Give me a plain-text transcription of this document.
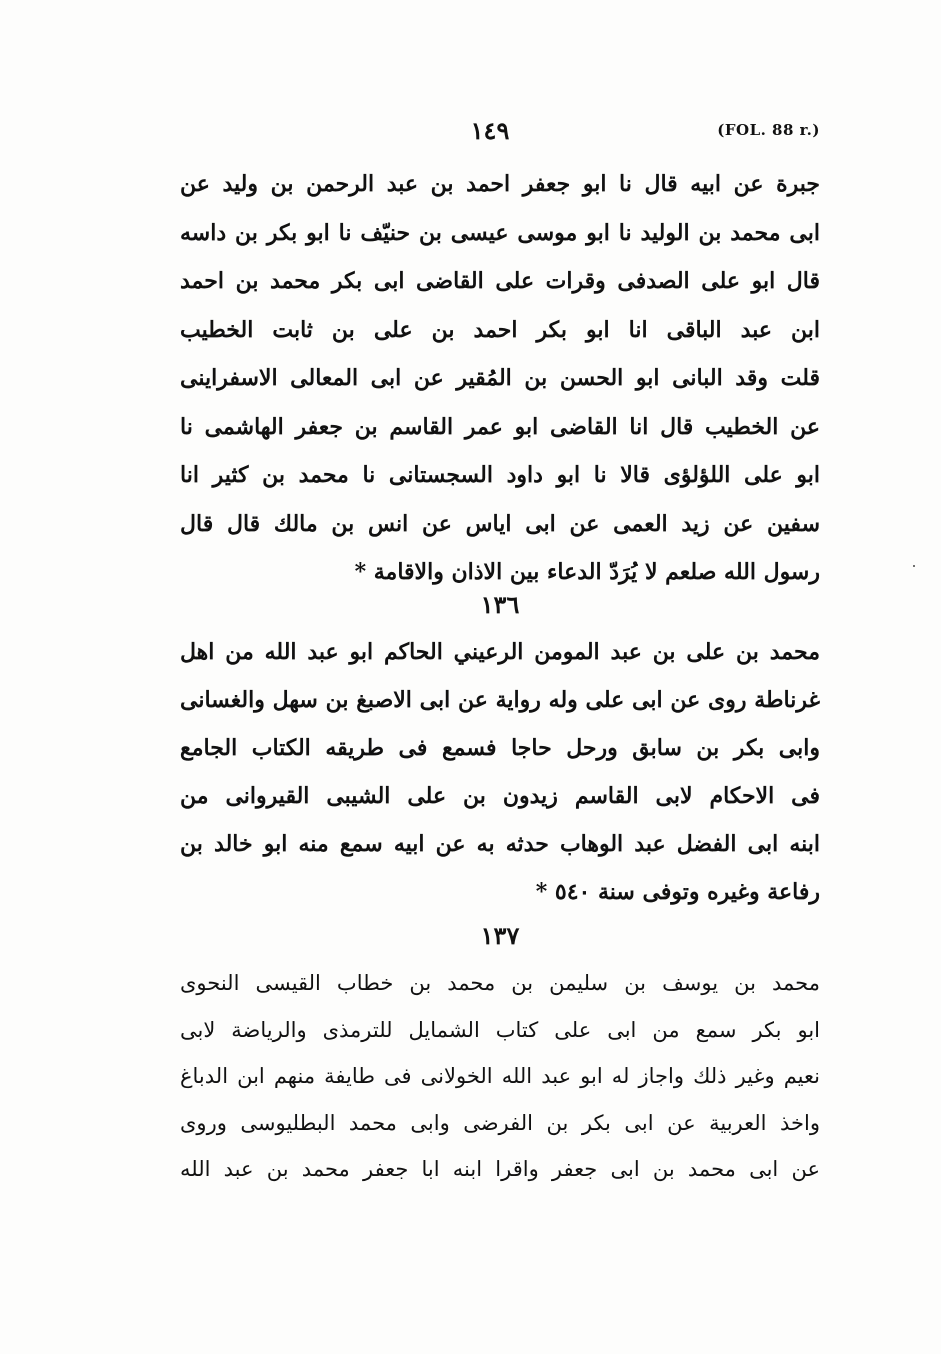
١٤٩	(FOL. 88 r.)
جبرة عن ابيه قال نا ابو جعفر احمد بن عبد الرحمن بن وليد عن
ابى محمد بن الوليد نا ابو موسى عيسى بن حنيّف نا ابو بكر بن داسه
قال ابو على الصدفى وقرات على القاضى ابى بكر محمد بن احمد
ابن عبد الباقى انا ابو بكر احمد بن على بن ثابت الخطيب
قلت وقد البانى ابو الحسن بن المُقير عن ابى المعالى الاسفراينى
عن الخطيب قال انا القاضى ابو عمر القاسم بن جعفر الهاشمى نا
ابو على اللؤلؤى قالا نا ابو داود السجستانى نا محمد بن كثير انا
سفين عن زيد العمى عن ابى اياس عن انس بن مالك قال قال
رسول الله صلعم لا يُرَدّ الدعاء بين الاذان والاقامة *
١٣٦
محمد بن على بن عبد المومن الرعيني الحاكم ابو عبد الله من اهل
غرناطة روى عن ابى على وله رواية عن ابى الاصبغ بن سهل والغسانى
وابى بكر بن سابق ورحل حاجا فسمع فى طريقه الكتاب الجامع
فى الاحكام لابى القاسم زيدون بن على الشيبى القيروانى من
ابنه ابى الفضل عبد الوهاب حدثه به عن ابيه سمع منه ابو خالد بن
رفاعة وغيره وتوفى سنة ٥٤٠ *
١٣٧
محمد بن يوسف بن سليمن بن محمد بن خطاب القيسى النحوى
ابو بكر سمع من ابى على كتاب الشمايل للترمذى والرياضة لابى
نعيم وغير ذلك واجاز له ابو عبد الله الخولانى فى طايفة منهم ابن الدباغ
واخذ العربية عن ابى بكر بن الفرضى وابى محمد البطليوسى وروى
عن ابى محمد بن ابى جعفر واقرا ابنه ابا جعفر محمد بن عبد الله
